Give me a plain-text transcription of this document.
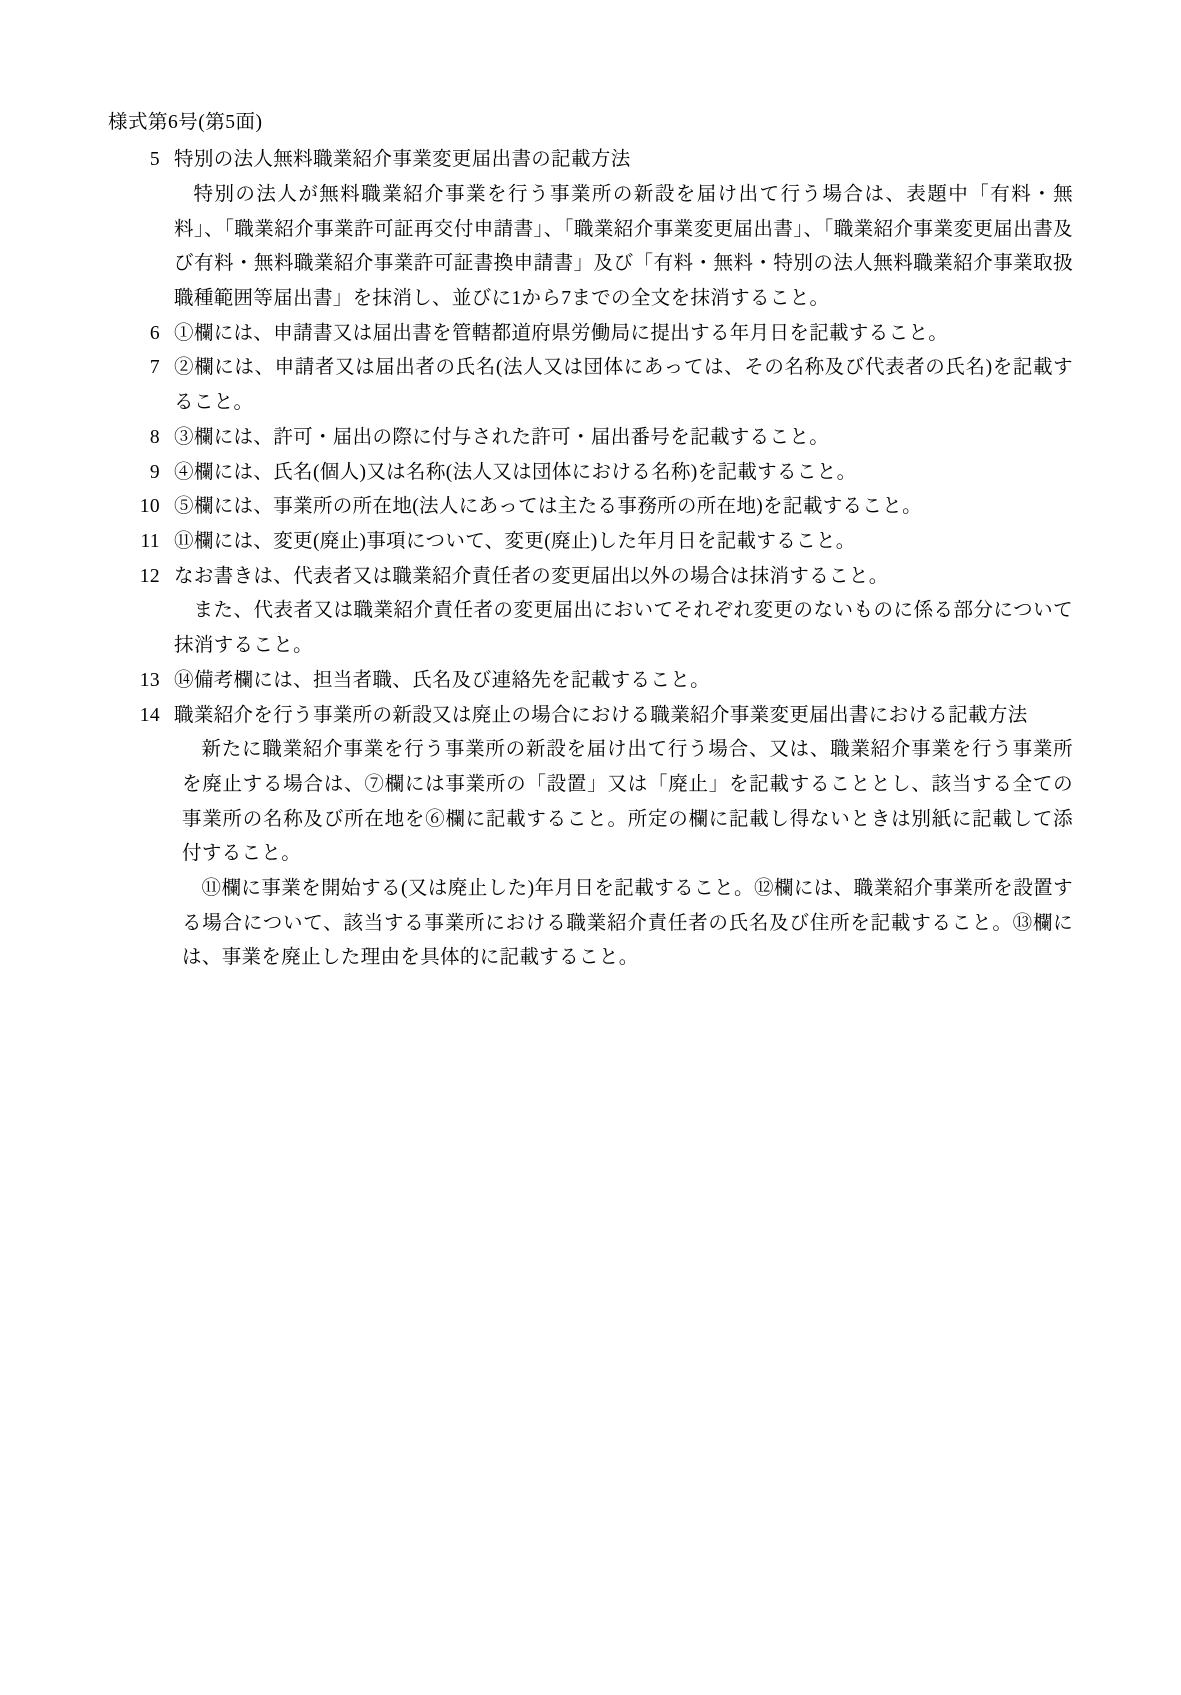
様式第6号(第5面)
5 特別の法人無料職業紹介事業変更届出書の記載方法
特別の法人が無料職業紹介事業を行う事業所の新設を届け出て行う場合は、表題中「有料・無料」、「職業紹介事業許可証再交付申請書」、「職業紹介事業変更届出書」、「職業紹介事業変更届出書及び有料・無料職業紹介事業許可証書換申請書」及び「有料・無料・特別の法人無料職業紹介事業取扱職種範囲等届出書」を抹消し、並びに1から7までの全文を抹消すること。
6 ①欄には、申請書又は届出書を管轄都道府県労働局に提出する年月日を記載すること。
7 ②欄には、申請者又は届出者の氏名(法人又は団体にあっては、その名称及び代表者の氏名)を記載すること。
8 ③欄には、許可・届出の際に付与された許可・届出番号を記載すること。
9 ④欄には、氏名(個人)又は名称(法人又は団体における名称)を記載すること。
10 ⑤欄には、事業所の所在地(法人にあっては主たる事務所の所在地)を記載すること。
11 ⑪欄には、変更(廃止)事項について、変更(廃止)した年月日を記載すること。
12 なお書きは、代表者又は職業紹介責任者の変更届出以外の場合は抹消すること。
また、代表者又は職業紹介責任者の変更届出においてそれぞれ変更のないものに係る部分について抹消すること。
13 ⑭備考欄には、担当者職、氏名及び連絡先を記載すること。
14 職業紹介を行う事業所の新設又は廃止の場合における職業紹介事業変更届出書における記載方法
新たに職業紹介事業を行う事業所の新設を届け出て行う場合、又は、職業紹介事業を行う事業所を廃止する場合は、⑦欄には事業所の「設置」又は「廃止」を記載することとし、該当する全ての事業所の名称及び所在地を⑥欄に記載すること。所定の欄に記載し得ないときは別紙に記載して添付すること。
⑪欄に事業を開始する(又は廃止した)年月日を記載すること。⑫欄には、職業紹介事業所を設置する場合について、該当する事業所における職業紹介責任者の氏名及び住所を記載すること。⑬欄には、事業を廃止した理由を具体的に記載すること。
